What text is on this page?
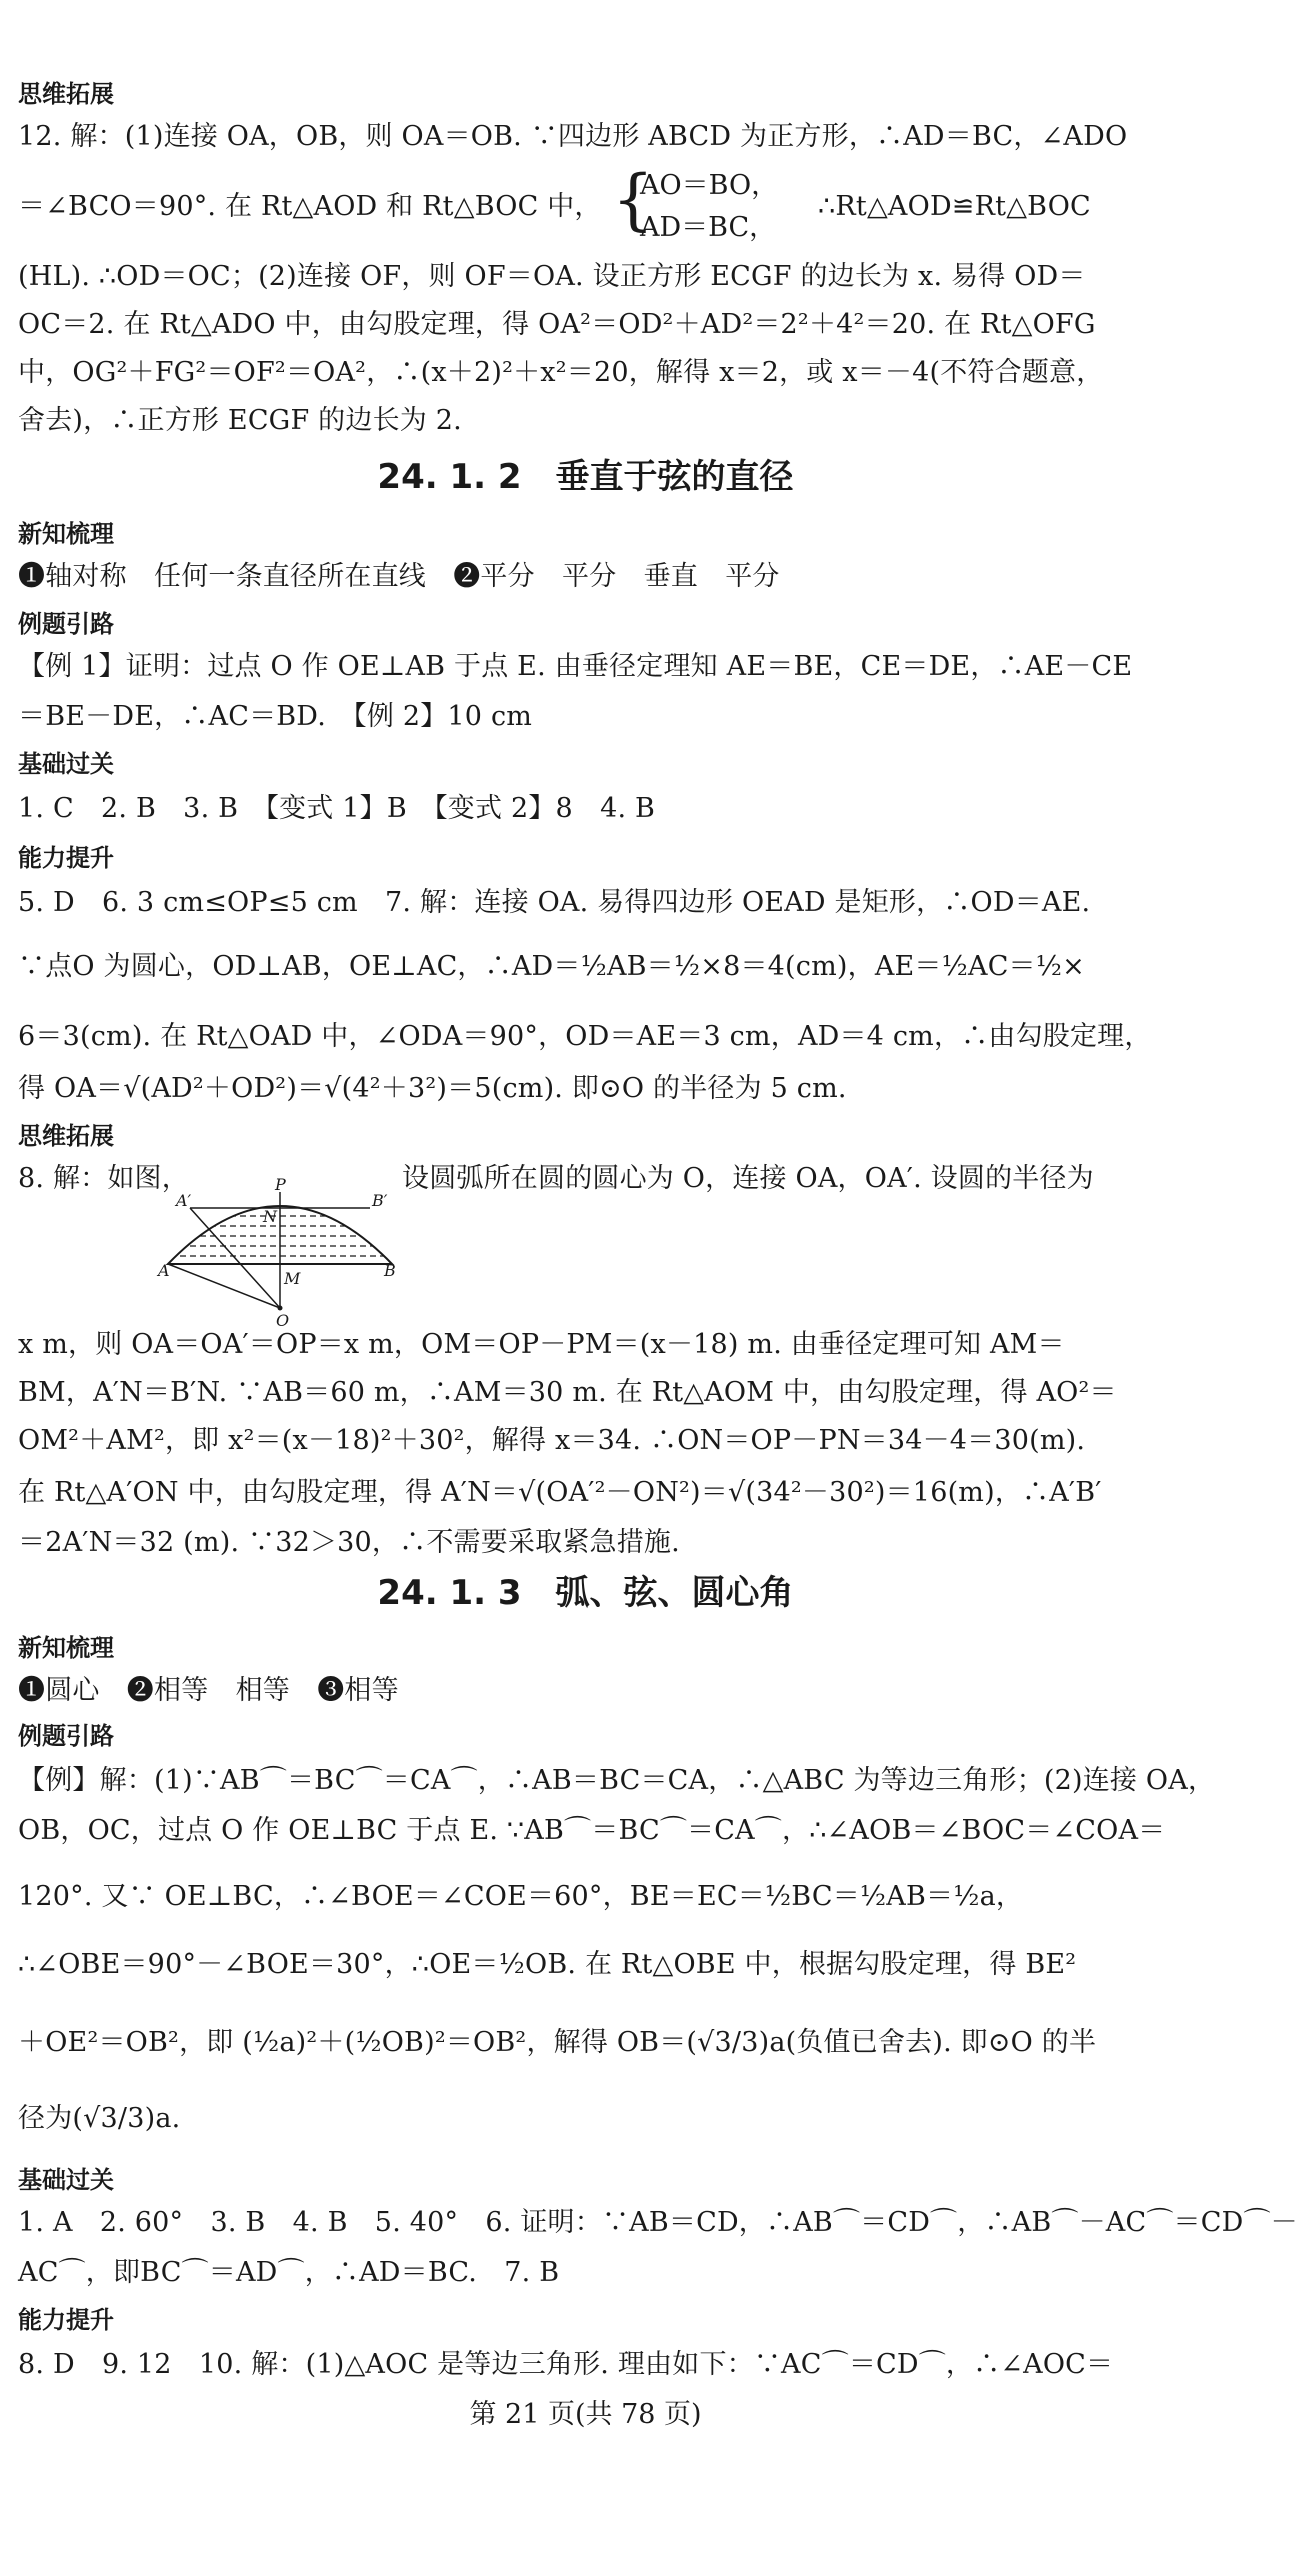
思维拓展
12. 解：(1)连接 OA，OB，则 OA＝OB. ∵四边形 ABCD 为正方形，∴AD＝BC，∠ADO
＝∠BCO＝90°. 在 Rt△AOD 和 Rt△BOC 中， {
AO＝BO，
AD＝BC，
∴Rt△AOD≌Rt△BOC
(HL). ∴OD＝OC；(2)连接 OF，则 OF＝OA. 设正方形 ECGF 的边长为 x. 易得 OD＝
OC＝2. 在 Rt△ADO 中，由勾股定理，得 OA²＝OD²＋AD²＝2²＋4²＝20. 在 Rt△OFG
中，OG²＋FG²＝OF²＝OA²，∴(x＋2)²＋x²＝20，解得 x＝2，或 x＝－4(不符合题意，
舍去)，∴正方形 ECGF 的边长为 2.
24. 1. 2　垂直于弦的直径
新知梳理
❶轴对称　任何一条直径所在直线　❷平分　平分　垂直　平分
例题引路
【例 1】证明：过点 O 作 OE⊥AB 于点 E. 由垂径定理知 AE＝BE，CE＝DE，∴AE－CE
＝BE－DE，∴AC＝BD.　【例 2】10 cm
基础过关
1. C　2. B　3. B　【变式 1】B　【变式 2】8　4. B
能力提升
5. D　6. 3 cm≤OP≤5 cm　7. 解：连接 OA. 易得四边形 OEAD 是矩形，∴OD＝AE.
∵点O 为圆心，OD⊥AB，OE⊥AC，∴AD＝½AB＝½×8＝4(cm)，AE＝½AC＝½×
6＝3(cm). 在 Rt△OAD 中，∠ODA＝90°，OD＝AE＝3 cm，AD＝4 cm，∴由勾股定理，
得 OA＝√(AD²＋OD²)＝√(4²＋3²)＝5(cm). 即⊙O 的半径为 5 cm.
思维拓展
8. 解：如图，	P
A′
N
B′
A	M	B
O
设圆弧所在圆的圆心为 O，连接 OA，OA′. 设圆的半径为
x m，则 OA＝OA′＝OP＝x m，OM＝OP－PM＝(x－18) m. 由垂径定理可知 AM＝
BM，A′N＝B′N. ∵AB＝60 m，∴AM＝30 m. 在 Rt△AOM 中，由勾股定理，得 AO²＝
OM²＋AM²，即 x²＝(x－18)²＋30²，解得 x＝34. ∴ON＝OP－PN＝34－4＝30(m).
在 Rt△A′ON 中，由勾股定理，得 A′N＝√(OA′²－ON²)＝√(34²－30²)＝16(m)，∴A′B′
＝2A′N＝32 (m). ∵32＞30，∴不需要采取紧急措施.
24. 1. 3　弧、弦、圆心角
新知梳理
❶圆心　❷相等　相等　❸相等
例题引路
【例】解：(1)∵AB⌒＝BC⌒＝CA⌒，∴AB＝BC＝CA，∴△ABC 为等边三角形；(2)连接 OA，
OB，OC，过点 O 作 OE⊥BC 于点 E. ∵AB⌒＝BC⌒＝CA⌒，∴∠AOB＝∠BOC＝∠COA＝
120°. 又∵ OE⊥BC，∴∠BOE＝∠COE＝60°，BE＝EC＝½BC＝½AB＝½a，
∴∠OBE＝90°－∠BOE＝30°，∴OE＝½OB. 在 Rt△OBE 中，根据勾股定理，得 BE²
＋OE²＝OB²，即 (½a)²＋(½OB)²＝OB²，解得 OB＝(√3/3)a(负值已舍去). 即⊙O 的半
径为(√3/3)a.
基础过关
1. A　2. 60°　3. B　4. B　5. 40°　6. 证明：∵AB＝CD，∴AB⌒＝CD⌒，∴AB⌒－AC⌒＝CD⌒－
AC⌒，即BC⌒＝AD⌒，∴AD＝BC.　7. B
能力提升
8. D　9. 12　10. 解：(1)△AOC 是等边三角形. 理由如下：∵AC⌒＝CD⌒，∴∠AOC＝
第 21 页(共 78 页)
